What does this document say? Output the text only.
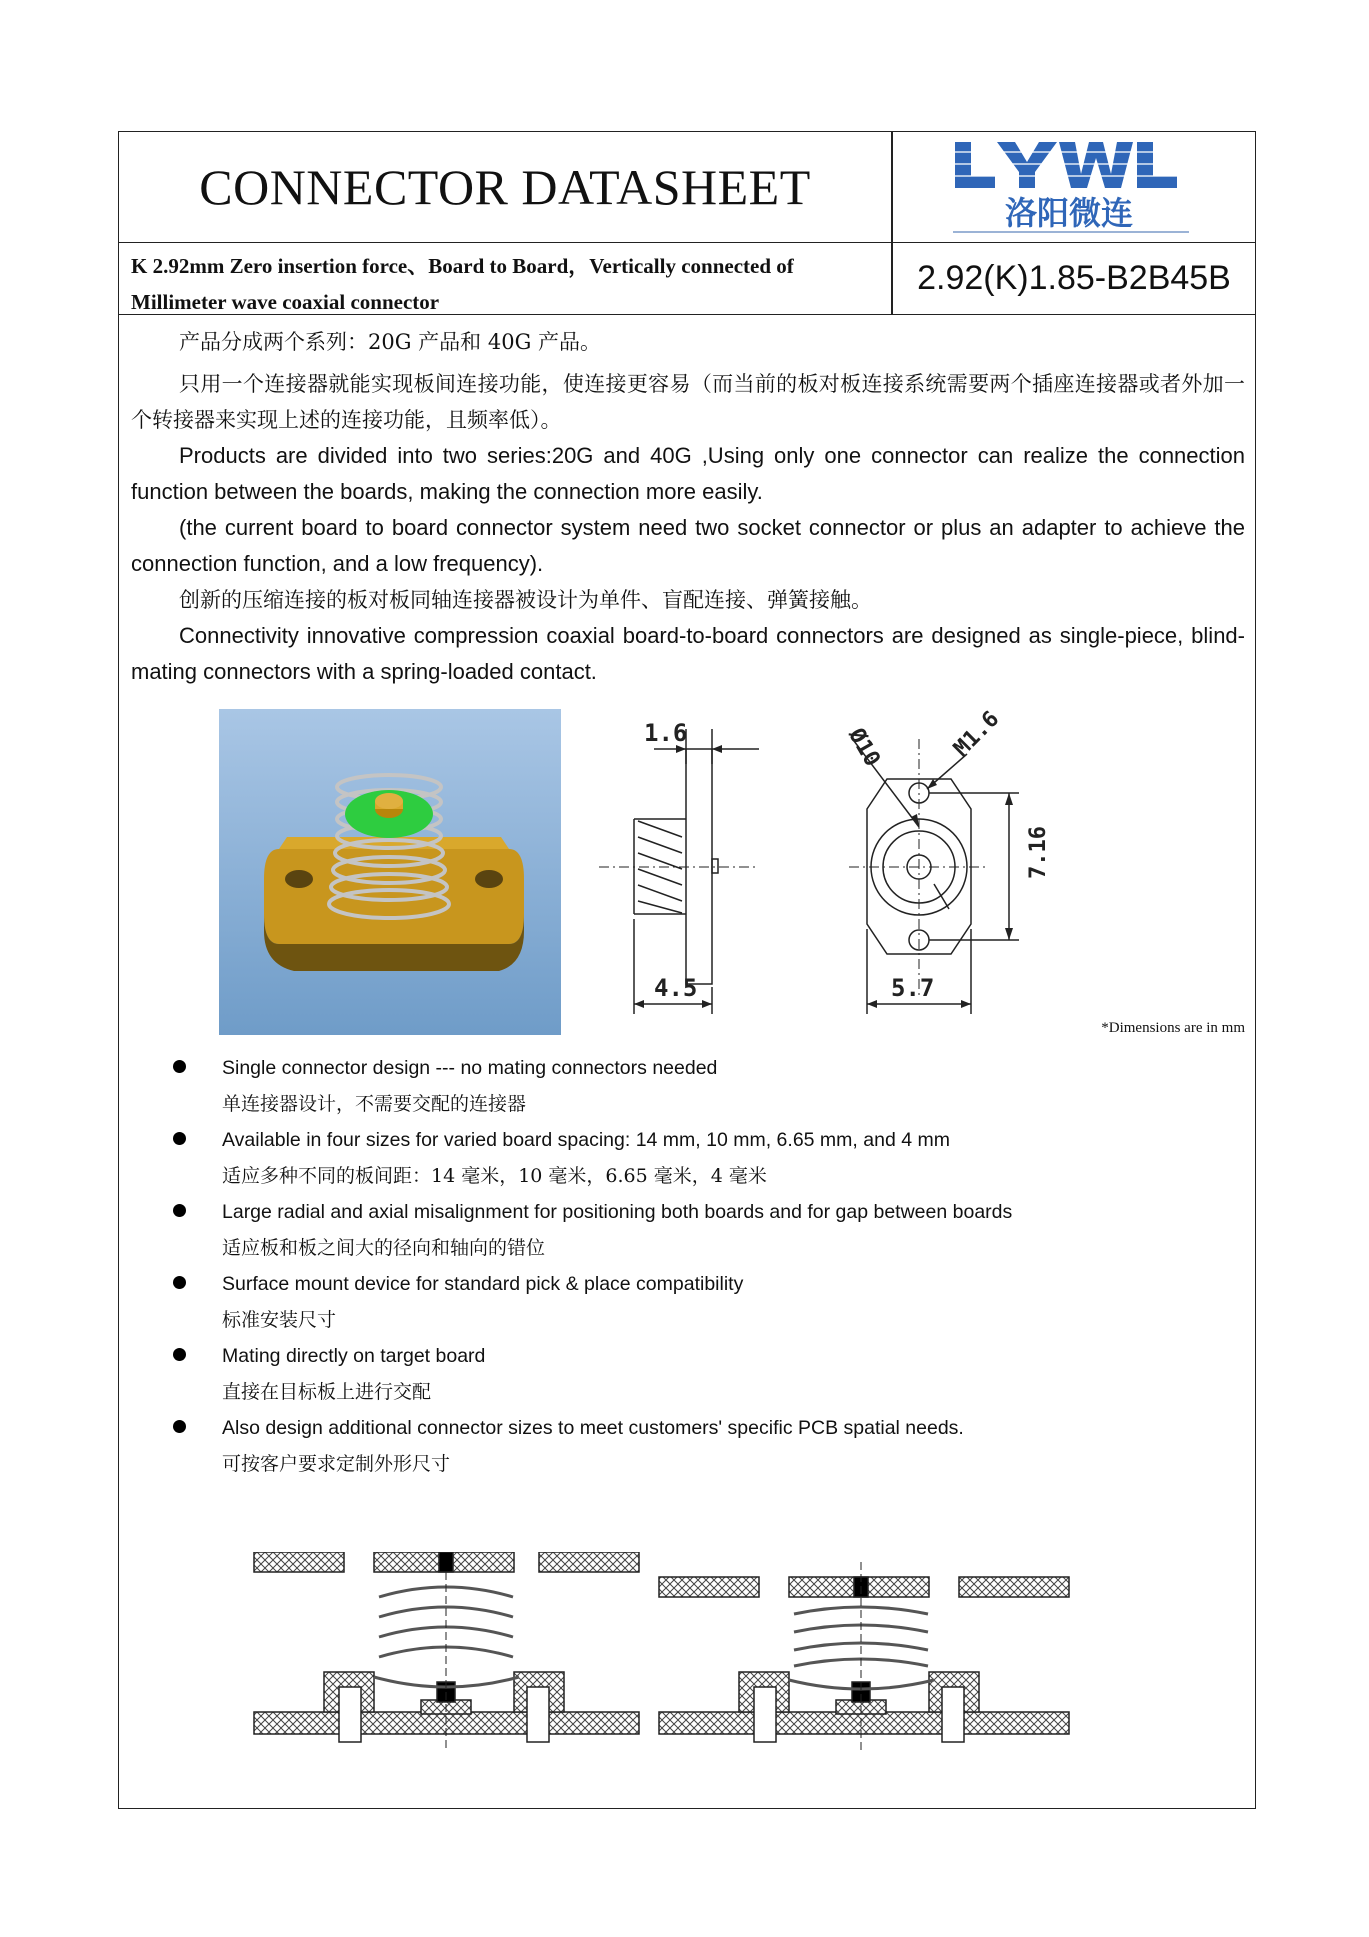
CONNECTOR DATASHEET	洛阳微连
K 2.92mm Zero insertion force、Board to Board，Vertically connected of
Millimeter wave coaxial connector
2.92(K)1.85-B2B45B
产品分成两个系列：20G 产品和 40G 产品。
只用一个连接器就能实现板间连接功能，使连接更容易（而当前的板对板连接系统需要两个插座连接器或者外加一个转接器来实现上述的连接功能，且频率低）。
Products are divided into two series:20G and 40G ,Using only one connector can realize the connection function between the boards, making the connection more easily.
(the current board to board connector system need two socket connector or plus an adapter to achieve the connection function, and a low frequency).
创新的压缩连接的板对板同轴连接器被设计为单件、盲配连接、弹簧接触。
Connectivity innovative compression coaxial board-to-board connectors are designed as single-piece, blind-mating connectors with a spring-loaded contact.
1.6
4.5
Ø10	M1.6
7.16
5.7
*Dimensions are in mm
Single connector design --- no mating connectors needed
单连接器设计，不需要交配的连接器
Available in four sizes for varied board spacing: 14 mm, 10 mm, 6.65 mm, and 4 mm
适应多种不同的板间距：14 毫米，10 毫米，6.65 毫米，4 毫米
Large radial and axial misalignment for positioning both boards and for gap between boards
适应板和板之间大的径向和轴向的错位
Surface mount device for standard pick & place compatibility
标准安装尺寸
Mating directly on target board
直接在目标板上进行交配
Also design additional connector sizes to meet customers' specific PCB spatial needs.
可按客户要求定制外形尺寸
